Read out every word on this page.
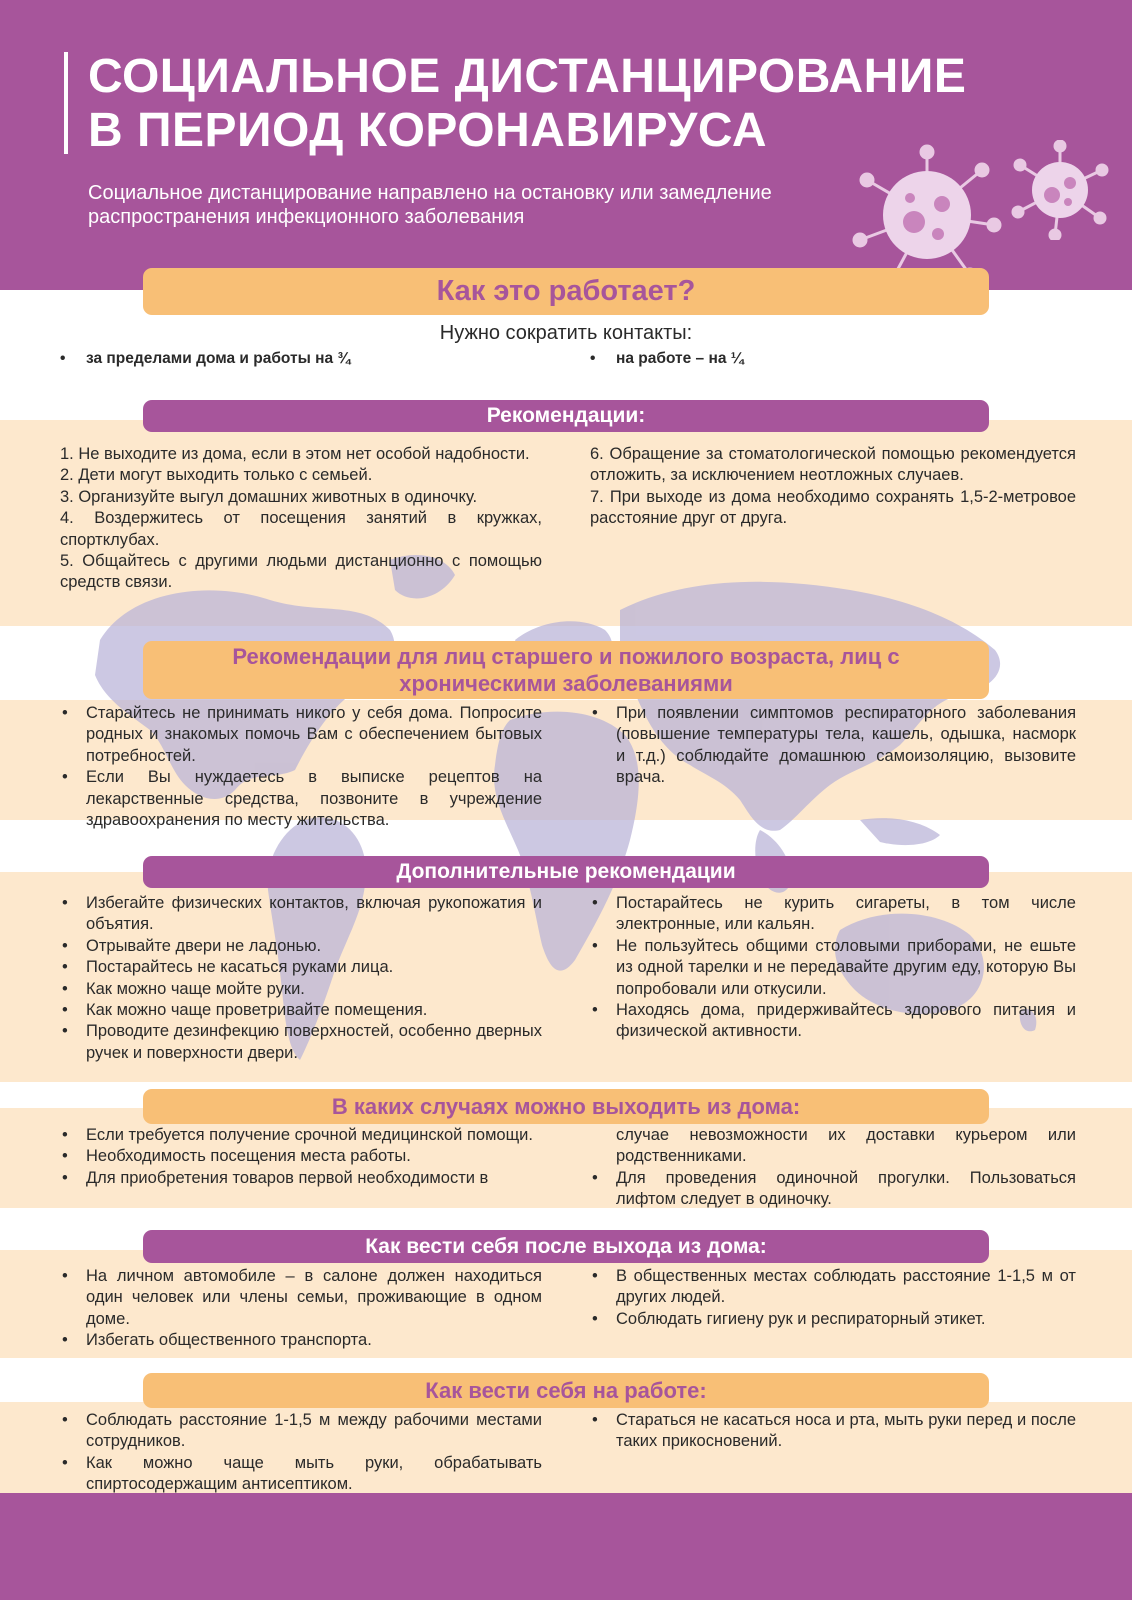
СОЦИАЛЬНОЕ ДИСТАНЦИРОВАНИЕ
В ПЕРИОД КОРОНАВИРУСА
Социальное дистанцирование направлено на остановку или замедление распространения инфекционного заболевания
Как это работает?
Нужно сократить контакты:
• за пределами дома и работы на ¾	• на работе – на ¼
Рекомендации:
1. Не выходите из дома, если в этом нет особой надобности.
2. Дети могут выходить только с семьей.
3. Организуйте выгул домашних животных в одиночку.
4. Воздержитесь от посещения занятий в кружках, спортклубах.
5. Общайтесь с другими людьми дистанционно с помощью средств связи.
6. Обращение за стоматологической помощью рекомендуется отложить, за исключением неотложных случаев.
7. При выходе из дома необходимо сохранять 1,5-2-метровое расстояние друг от друга.
Рекомендации для лиц старшего и пожилого возраста, лиц с
хроническими заболеваниями
• Старайтесь не принимать никого у себя дома. Попросите родных и знакомых помочь Вам с обеспечением бытовых потребностей.
• Если Вы нуждаетесь в выписке рецептов на лекарственные средства, позвоните в учреждение здравоохранения по месту жительства.
• При появлении симптомов респираторного заболевания (повышение температуры тела, кашель, одышка, насморк и т.д.) соблюдайте домашнюю самоизоляцию, вызовите врача.
Дополнительные рекомендации
• Избегайте физических контактов, включая рукопожатия и объятия.
• Отрывайте двери не ладонью.
• Постарайтесь не касаться руками лица.
• Как можно чаще мойте руки.
• Как можно чаще проветривайте помещения.
• Проводите дезинфекцию поверхностей, особенно дверных ручек и поверхности двери.
• Постарайтесь не курить сигареты, в том числе электронные, или кальян.
• Не пользуйтесь общими столовыми приборами, не ешьте из одной тарелки и не передавайте другим еду, которую Вы попробовали или откусили.
• Находясь дома, придерживайтесь здорового питания и физической активности.
В каких случаях можно выходить из дома:
• Если требуется получение срочной медицинской помощи.
• Необходимость посещения места работы.
• Для приобретения товаров первой необходимости в
случае невозможности их доставки курьером или родственниками.
• Для проведения одиночной прогулки. Пользоваться лифтом следует в одиночку.
Как вести себя после выхода из дома:
• На личном автомобиле – в салоне должен находиться один человек или члены семьи, проживающие в одном доме.
• Избегать общественного транспорта.
• В общественных местах соблюдать расстояние 1-1,5 м от других людей.
• Соблюдать гигиену рук и респираторный этикет.
Как вести себя на работе:
• Соблюдать расстояние 1-1,5 м между рабочими местами сотрудников.
• Как можно чаще мыть руки, обрабатывать спиртосодержащим антисептиком.
• Стараться не касаться носа и рта, мыть руки перед и после таких прикосновений.
